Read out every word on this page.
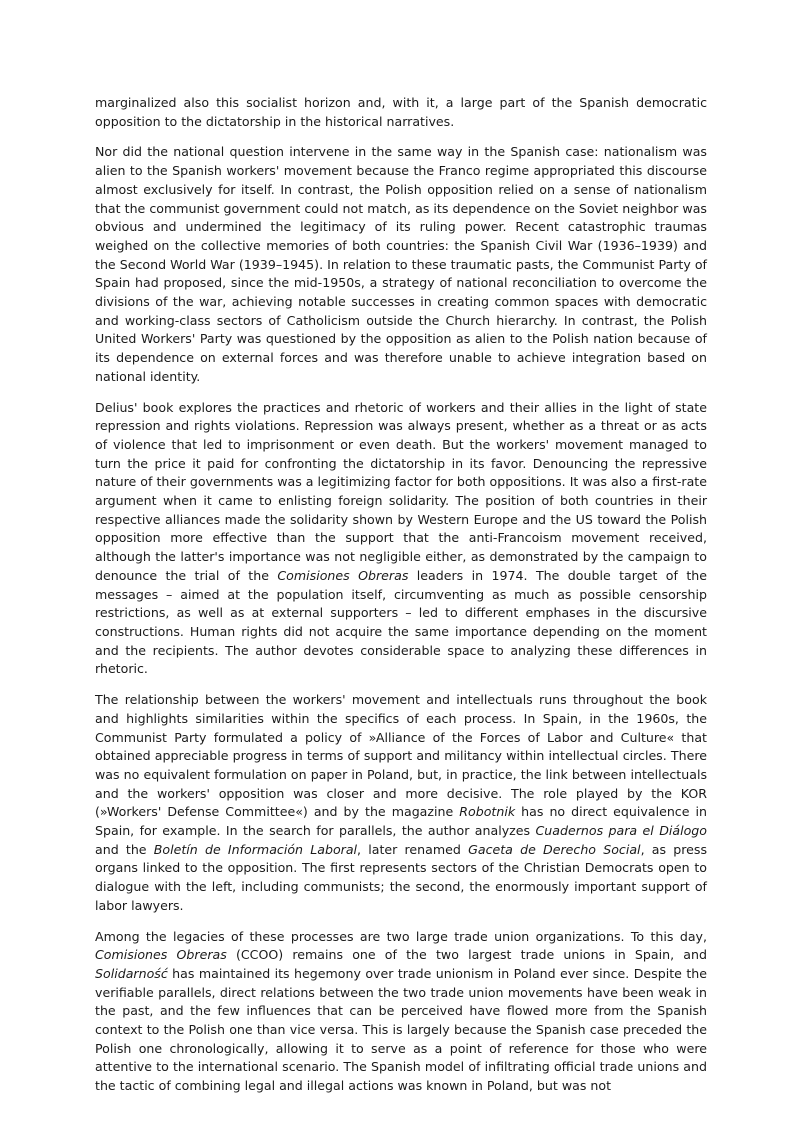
marginalized also this socialist horizon and, with it, a large part of the Spanish democratic opposition to the dictatorship in the historical narratives.

Nor did the national question intervene in the same way in the Spanish case: nationalism was alien to the Spanish workers' movement because the Franco regime appropriated this discourse almost exclusively for itself. In contrast, the Polish opposition relied on a sense of nationalism that the communist government could not match, as its dependence on the Soviet neighbor was obvious and undermined the legitimacy of its ruling power. Recent catastrophic traumas weighed on the collective memories of both countries: the Spanish Civil War (1936–1939) and the Second World War (1939–1945). In relation to these traumatic pasts, the Communist Party of Spain had proposed, since the mid-1950s, a strategy of national reconciliation to overcome the divisions of the war, achieving notable successes in creating common spaces with democratic and working-class sectors of Catholicism outside the Church hierarchy. In contrast, the Polish United Workers' Party was questioned by the opposition as alien to the Polish nation because of its dependence on external forces and was therefore unable to achieve integration based on national identity.

Delius' book explores the practices and rhetoric of workers and their allies in the light of state repression and rights violations. Repression was always present, whether as a threat or as acts of violence that led to imprisonment or even death. But the workers' movement managed to turn the price it paid for confronting the dictatorship in its favor. Denouncing the repressive nature of their governments was a legitimizing factor for both oppositions. It was also a first-rate argument when it came to enlisting foreign solidarity. The position of both countries in their respective alliances made the solidarity shown by Western Europe and the US toward the Polish opposition more effective than the support that the anti-Francoism movement received, although the latter's importance was not negligible either, as demonstrated by the campaign to denounce the trial of the Comisiones Obreras leaders in 1974. The double target of the messages – aimed at the population itself, circumventing as much as possible censorship restrictions, as well as at external supporters – led to different emphases in the discursive constructions. Human rights did not acquire the same importance depending on the moment and the recipients. The author devotes considerable space to analyzing these differences in rhetoric.

The relationship between the workers' movement and intellectuals runs throughout the book and highlights similarities within the specifics of each process. In Spain, in the 1960s, the Communist Party formulated a policy of »Alliance of the Forces of Labor and Culture« that obtained appreciable progress in terms of support and militancy within intellectual circles. There was no equivalent formulation on paper in Poland, but, in practice, the link between intellectuals and the workers' opposition was closer and more decisive. The role played by the KOR (»Workers' Defense Committee«) and by the magazine Robotnik has no direct equivalence in Spain, for example. In the search for parallels, the author analyzes Cuadernos para el Diálogo and the Boletín de Información Laboral, later renamed Gaceta de Derecho Social, as press organs linked to the opposition. The first represents sectors of the Christian Democrats open to dialogue with the left, including communists; the second, the enormously important support of labor lawyers.

Among the legacies of these processes are two large trade union organizations. To this day, Comisiones Obreras (CCOO) remains one of the two largest trade unions in Spain, and Solidarność has maintained its hegemony over trade unionism in Poland ever since. Despite the verifiable parallels, direct relations between the two trade union movements have been weak in the past, and the few influences that can be perceived have flowed more from the Spanish context to the Polish one than vice versa. This is largely because the Spanish case preceded the Polish one chronologically, allowing it to serve as a point of reference for those who were attentive to the international scenario. The Spanish model of infiltrating official trade unions and the tactic of combining legal and illegal actions was known in Poland, but was not
